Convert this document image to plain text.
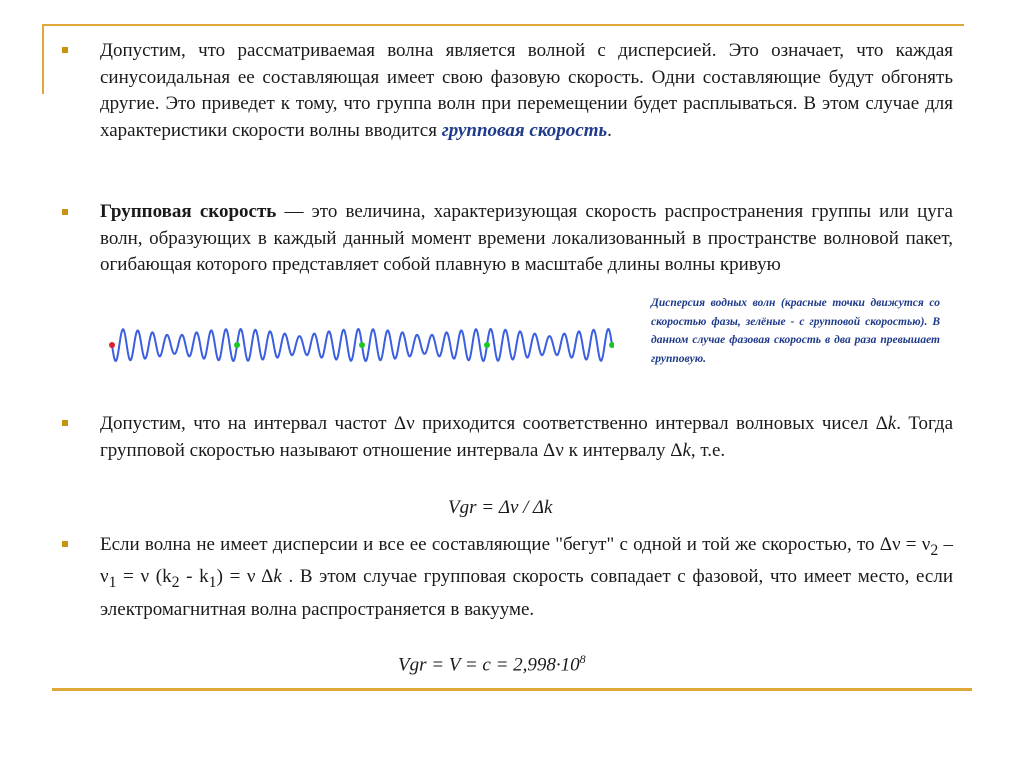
Допустим, что рассматриваемая волна является волной с дисперсией. Это означает, что каждая синусоидальная ее составляющая имеет свою фазовую скорость. Одни составляющие будут обгонять другие. Это приведет к тому, что группа волн при перемещении будет расплываться. В этом случае для характеристики скорости волны вводится групповая скорость.
Групповая скорость — это величина, характеризующая скорость распространения группы или цуга волн, образующих в каждый данный момент времени локализованный в пространстве волновой пакет, огибающая которого представляет собой плавную в масштабе длины волны кривую
Дисперсия водных волн (красные точки движутся со скоростью фазы, зелёные - с групповой скоростью). В данном случае фазовая скорость в два раза превышает групповую.
Допустим, что на интервал частот Δν приходится соответственно интервал волновых чисел Δk. Тогда групповой скоростью называют отношение интервала Δν к интервалу Δk, т.е.
Vgr = Δν / Δk
Если волна не имеет дисперсии и все ее составляющие "бегут" с одной и той же скоростью, то $\Delta\nu = \nu_2 - \nu_1 = \nu$ $(k_2 - k_1) = \nu$ Δk . В этом случае групповая скорость совпадает с фазовой, что имеет место, если электромагнитная волна распространяется в вакууме.
Vgr = $V = c = 2,998\cdot 10^8$
